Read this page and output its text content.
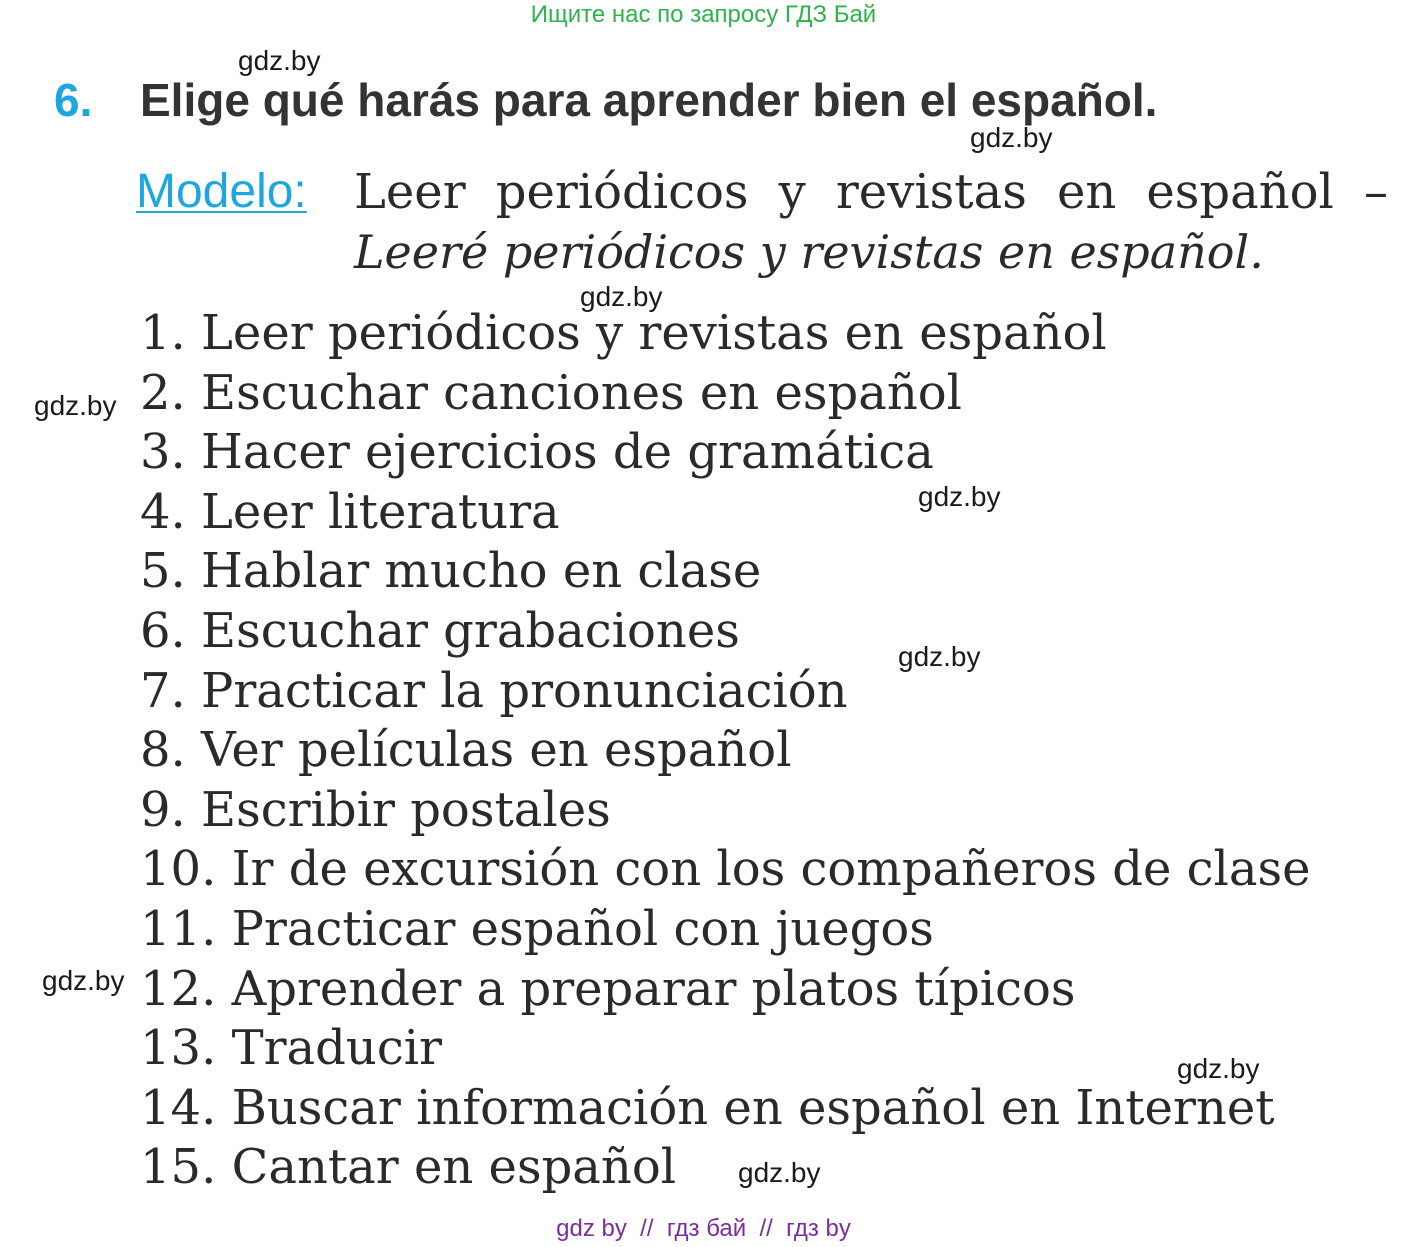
Ищите нас по запросу ГДЗ Бай
gdz.by
gdz.by
gdz.by
gdz.by
gdz.by
gdz.by
gdz.by
gdz.by
gdz.by
6. Elige qué harás para aprender bien el español.
Modelo: Leer periódicos y revistas en español –
Leeré periódicos y revistas en español.
1. Leer periódicos y revistas en español
2. Escuchar canciones en español
3. Hacer ejercicios de gramática
4. Leer literatura
5. Hablar mucho en clase
6. Escuchar grabaciones
7. Practicar la pronunciación
8. Ver películas en español
9. Escribir postales
10. Ir de excursión con los compañeros de clase
11. Practicar español con juegos
12. Aprender a preparar platos típicos
13. Traducir
14. Buscar información en español en Internet
15. Cantar en español
gdz by  //  гдз бай  //  гдз by
